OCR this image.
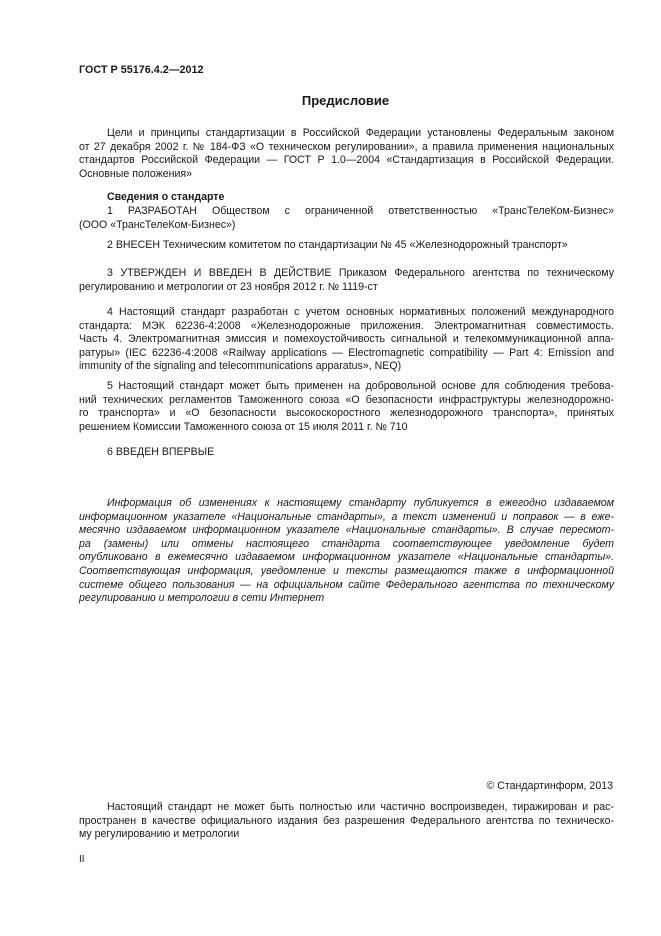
ГОСТ Р 55176.4.2—2012
Предисловие
Цели и принципы стандартизации в Российской Федерации установлены Федеральным законом
от 27 декабря 2002 г. № 184-ФЗ «О техническом регулировании», а правила применения национальных
стандартов Российской Федерации — ГОСТ Р 1.0—2004 «Стандартизация в Российской Федерации.
Основные положения»
Сведения о стандарте
1 РАЗРАБОТАН Обществом с ограниченной ответственностью «ТрансТелеКом-Бизнес»
(ООО «ТрансТелеКом-Бизнес»)
2 ВНЕСЕН Техническим комитетом по стандартизации № 45 «Железнодорожный транспорт»
3 УТВЕРЖДЕН И ВВЕДЕН В ДЕЙСТВИЕ Приказом Федерального агентства по техническому
регулированию и метрологии от 23 ноября 2012 г. № 1119-ст
4 Настоящий стандарт разработан с учетом основных нормативных положений международного
стандарта: МЭК 62236-4:2008 «Железнодорожные приложения. Электромагнитная совместимость.
Часть 4. Электромагнитная эмиссия и помехоустойчивость сигнальной и телекоммуникационной аппа-
ратуры» (IEC 62236-4:2008 «Railway applications — Electromagnetic compatibility — Part 4: Emission and
immunity of the signaling and telecommunications apparatus», NEQ)
5 Настоящий стандарт может быть применен на добровольной основе для соблюдения требова-
ний технических регламентов Таможенного союза «О безопасности инфраструктуры железнодорожно-
го транспорта» и «О безопасности высокоскоростного железнодорожного транспорта», принятых
решением Комиссии Таможенного союза от 15 июля 2011 г. № 710
6 ВВЕДЕН ВПЕРВЫЕ
Информация об изменениях к настоящему стандарту публикуется в ежегодно издаваемом
информационном указателе «Национальные стандарты», а текст изменений и поправок — в еже-
месячно издаваемом информационном указателе «Национальные стандарты». В случае пересмот-
ра (замены) или отмены настоящего стандарта соответствующее уведомление будет
опубликовано в ежемесячно издаваемом информационном указателе «Национальные стандарты».
Соответствующая информация, уведомление и тексты размещаются также в информационной
системе общего пользования — на официальном сайте Федерального агентства по техническому
регулированию и метрологии в сети Интернет
© Стандартинформ, 2013
Настоящий стандарт не может быть полностью или частично воспроизведен, тиражирован и рас-
пространен в качестве официального издания без разрешения Федерального агентства по техническо-
му регулированию и метрологии
II
